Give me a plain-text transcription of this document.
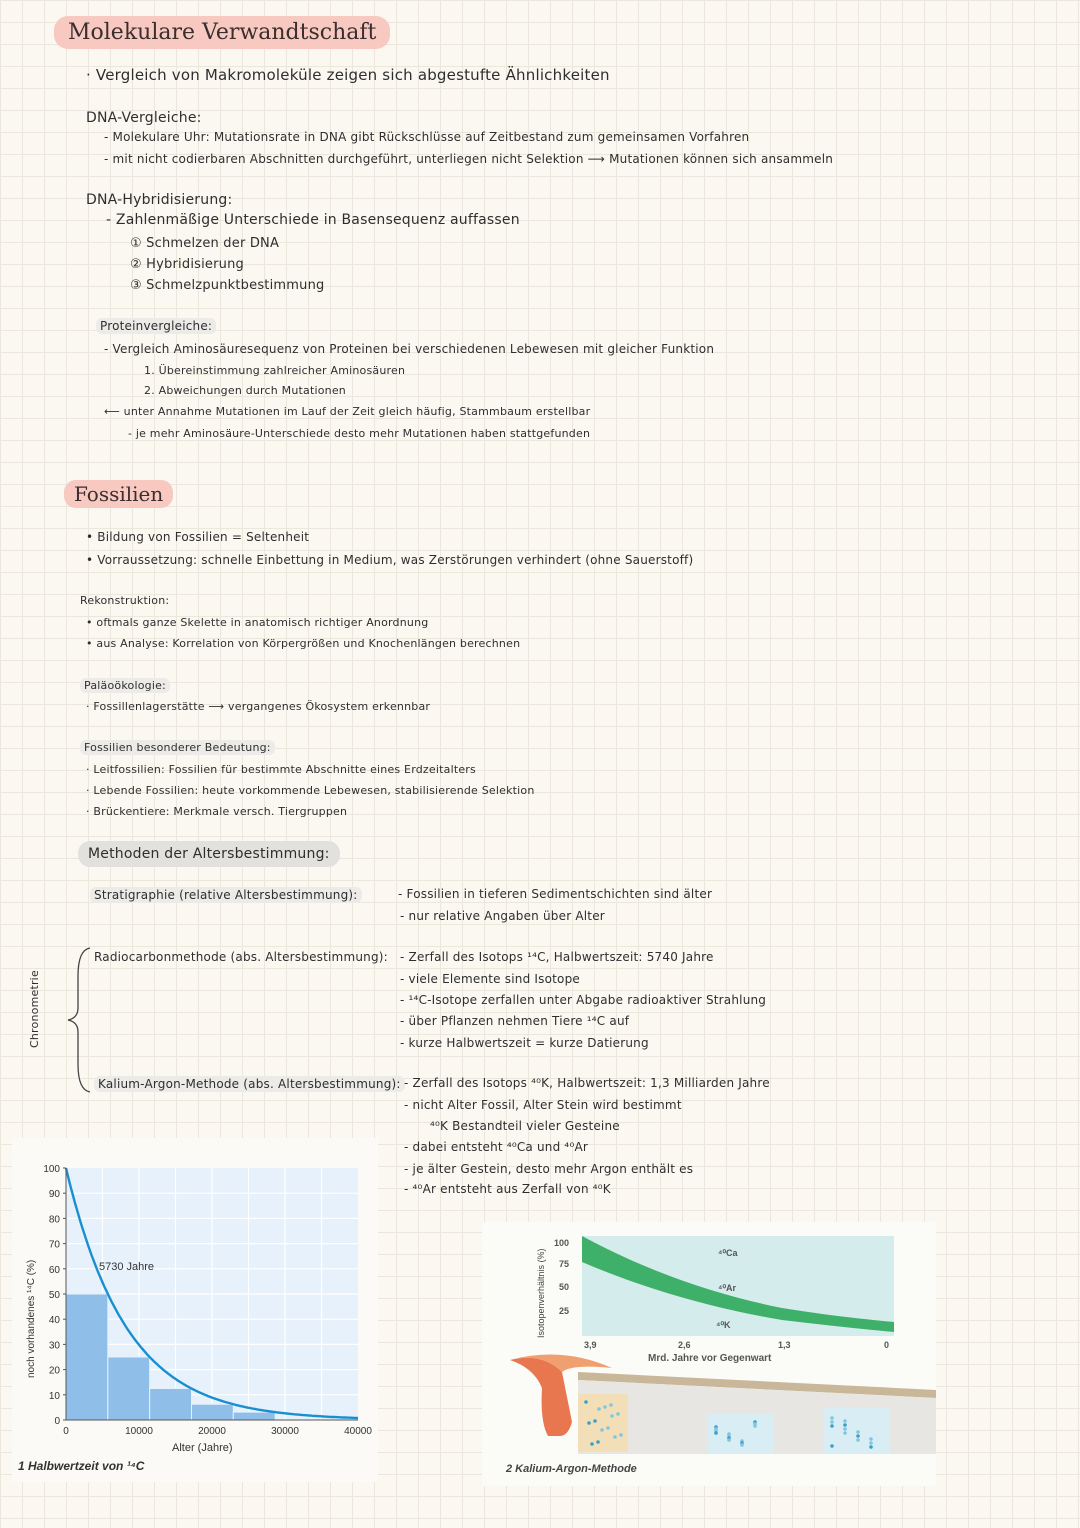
Molekulare Verwandtschaft
· Vergleich von Makromoleküle zeigen sich abgestufte Ähnlichkeiten
DNA-Vergleiche:
- Molekulare Uhr: Mutationsrate in DNA gibt Rückschlüsse auf Zeitbestand zum gemeinsamen Vorfahren
- mit nicht codierbaren Abschnitten durchgeführt, unterliegen nicht Selektion ⟶ Mutationen können sich ansammeln
DNA-Hybridisierung:
- Zahlenmäßige Unterschiede in Basensequenz auffassen
① Schmelzen der DNA
② Hybridisierung
③ Schmelzpunktbestimmung
Proteinvergleiche:
- Vergleich Aminosäuresequenz von Proteinen bei verschiedenen Lebewesen mit gleicher Funktion
1. Übereinstimmung zahlreicher Aminosäuren
2. Abweichungen durch Mutationen
⟵ unter Annahme Mutationen im Lauf der Zeit gleich häufig, Stammbaum erstellbar
- je mehr Aminosäure-Unterschiede desto mehr Mutationen haben stattgefunden
Fossilien
• Bildung von Fossilien = Seltenheit
• Vorraussetzung: schnelle Einbettung in Medium, was Zerstörungen verhindert (ohne Sauerstoff)
Rekonstruktion:
• oftmals ganze Skelette in anatomisch richtiger Anordnung
• aus Analyse: Korrelation von Körpergrößen und Knochenlängen berechnen
Paläoökologie:
· Fossillenlagerstätte ⟶ vergangenes Ökosystem erkennbar
Fossilien besonderer Bedeutung:
· Leitfossilien: Fossilien für bestimmte Abschnitte eines Erdzeitalters
· Lebende Fossilien: heute vorkommende Lebewesen, stabilisierende Selektion
· Brückentiere: Merkmale versch. Tiergruppen
Methoden der Altersbestimmung:
Stratigraphie (relative Altersbestimmung):	- Fossilien in tieferen Sedimentschichten sind älter
- nur relative Angaben über Alter
Chronometrie
Radiocarbonmethode (abs. Altersbestimmung): - Zerfall des Isotops ¹⁴C, Halbwertszeit: 5740 Jahre
- viele Elemente sind Isotope
- ¹⁴C-Isotope zerfallen unter Abgabe radioaktiver Strahlung
- über Pflanzen nehmen Tiere ¹⁴C auf
- kurze Halbwertszeit = kurze Datierung
Kalium-Argon-Methode (abs. Altersbestimmung): - Zerfall des Isotops ⁴⁰K, Halbwertszeit: 1,3 Milliarden Jahre
- nicht Alter Fossil, Alter Stein wird bestimmt
⁴⁰K Bestandteil vieler Gesteine
- dabei entsteht ⁴⁰Ca und ⁴⁰Ar
- je älter Gestein, desto mehr Argon enthält es
- ⁴⁰Ar entsteht aus Zerfall von ⁴⁰K
0
10
20
30
40
50
60
70
80
90
100
0	10000	20000	30000	40000
5730 Jahre
Alter (Jahre)
noch vorhandenes ¹⁴C (%)
1 Halbwertzeit von ¹⁴C
Isotopenverhältnis (%)
100
75
50
25
⁴⁰Ca
⁴⁰Ar
⁴⁰K
3,9	2,6	1,3	0
Mrd. Jahre vor Gegenwart
2 Kalium-Argon-Methode
